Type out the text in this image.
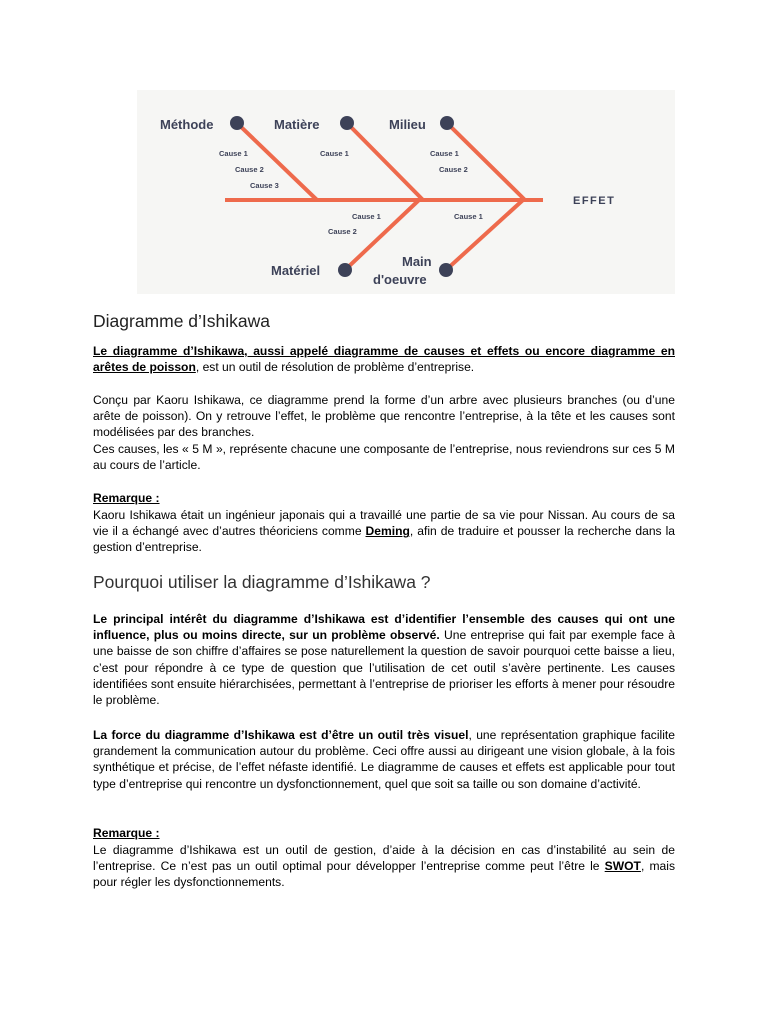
Méthode	Matière	Milieu
Matériel
Main
d'oeuvre
EFFET
Cause 1
Cause 2
Cause 3
Cause 1	Cause 1
Cause 2
Cause 1
Cause 2
Cause 1
Diagramme d’Ishikawa

Le diagramme d’Ishikawa, aussi appelé diagramme de causes et effets ou encore diagramme en arêtes de poisson, est un outil de résolution de problème d’entreprise.

Conçu par Kaoru Ishikawa, ce diagramme prend la forme d’un arbre avec plusieurs branches (ou d’une arête de poisson). On y retrouve l’effet, le problème que rencontre l’entreprise, à la tête et les causes sont modélisées par des branches.

Ces causes, les « 5 M », représente chacune une composante de l’entreprise, nous reviendrons sur ces 5 M au cours de l’article.

Remarque :

Kaoru Ishikawa était un ingénieur japonais qui a travaillé une partie de sa vie pour Nissan. Au cours de sa vie il a échangé avec d’autres théoriciens comme Deming, afin de traduire et pousser la recherche dans la gestion d’entreprise.

Pourquoi utiliser la diagramme d’Ishikawa ?

Le principal intérêt du diagramme d’Ishikawa est d’identifier l’ensemble des causes qui ont une influence, plus ou moins directe, sur un problème observé. Une entreprise qui fait par exemple face à une baisse de son chiffre d’affaires se pose naturellement la question de savoir pourquoi cette baisse a lieu, c’est pour répondre à ce type de question que l’utilisation de cet outil s’avère pertinente. Les causes identifiées sont ensuite hiérarchisées, permettant à l’entreprise de prioriser les efforts à mener pour résoudre le problème.

La force du diagramme d’Ishikawa est d’être un outil très visuel, une représentation graphique facilite grandement la communication autour du problème. Ceci offre aussi au dirigeant une vision globale, à la fois synthétique et précise, de l’effet néfaste identifié. Le diagramme de causes et effets est applicable pour tout type d’entreprise qui rencontre un dysfonctionnement, quel que soit sa taille ou son domaine d’activité.

Remarque :

Le diagramme d’Ishikawa est un outil de gestion, d’aide à la décision en cas d’instabilité au sein de l’entreprise. Ce n’est pas un outil optimal pour développer l’entreprise comme peut l’être le SWOT, mais pour régler les dysfonctionnements.
